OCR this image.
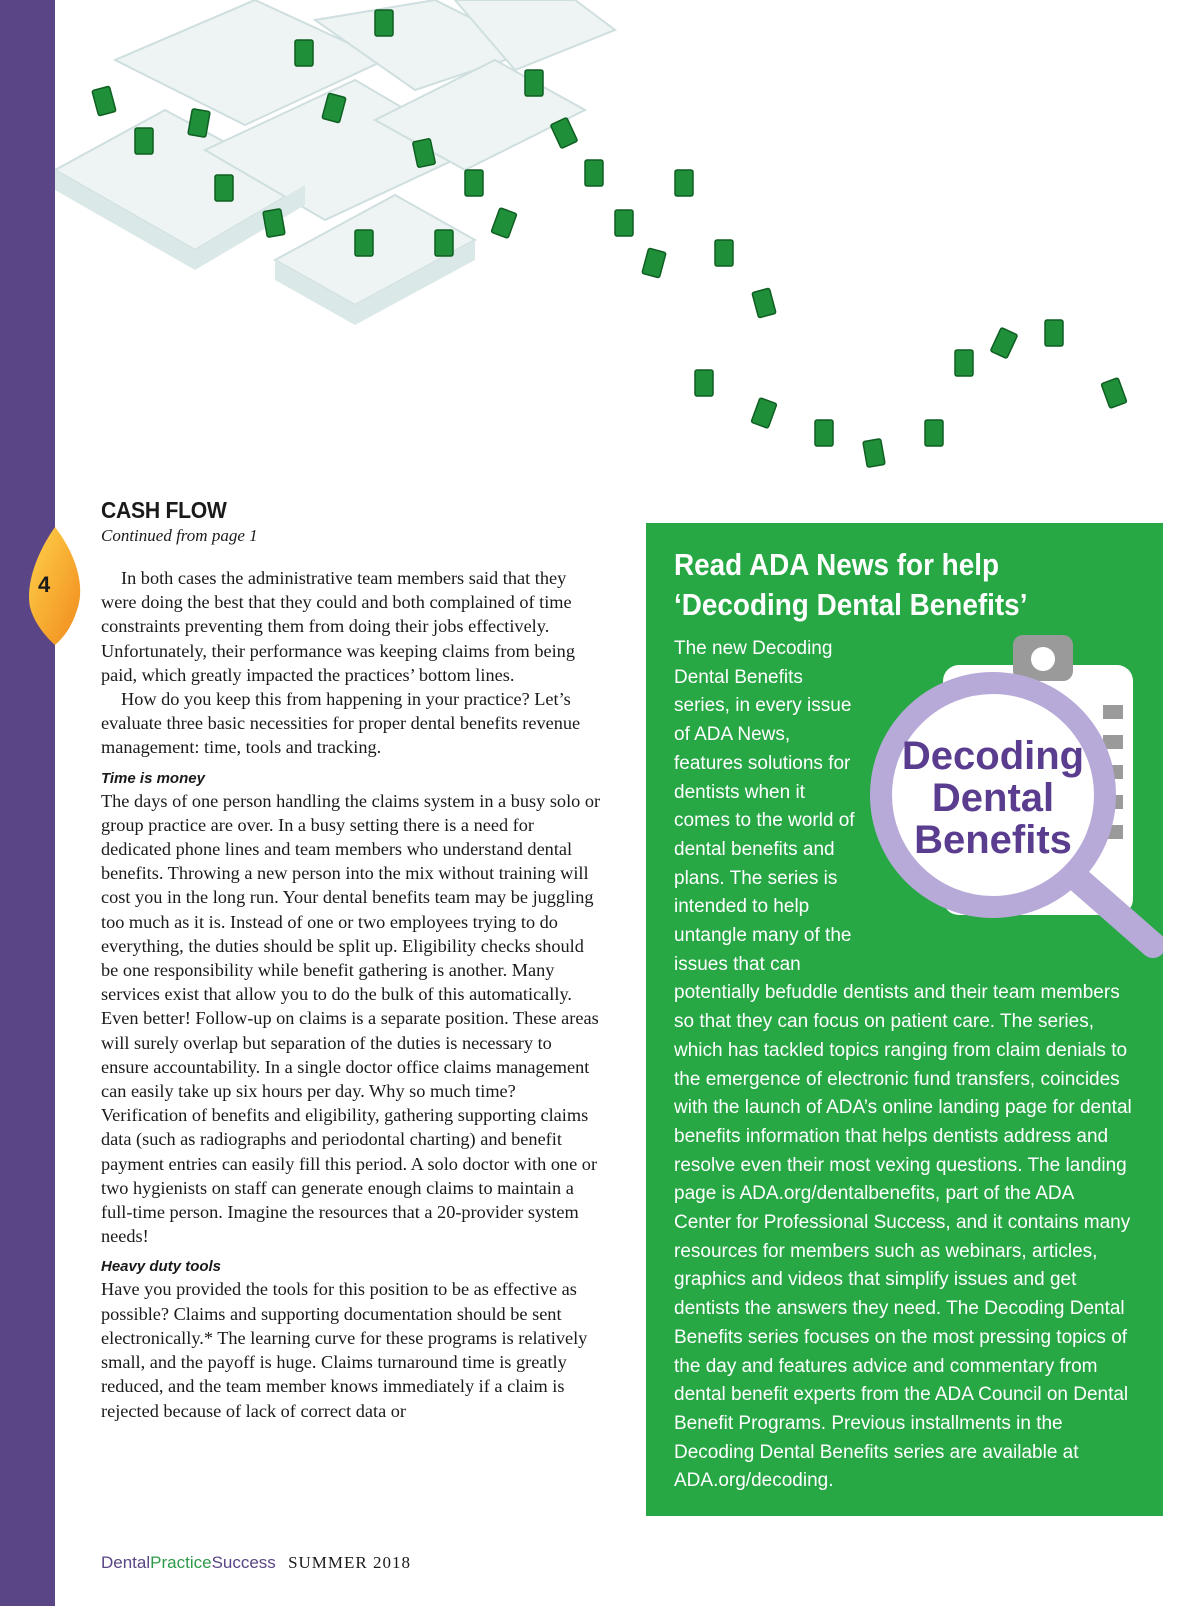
4
CASH FLOW
Continued from page 1

In both cases the administrative team members said that they were doing the best that they could and both complained of time constraints preventing them from doing their jobs effectively. Unfortunately, their performance was keeping claims from being paid, which greatly impacted the practices’ bottom lines.

How do you keep this from happening in your practice? Let’s evaluate three basic necessities for proper dental benefits revenue management: time, tools and tracking.

Time is money

The days of one person handling the claims system in a busy solo or group practice are over. In a busy setting there is a need for dedicated phone lines and team members who understand dental benefits. Throwing a new person into the mix without training will cost you in the long run. Your dental benefits team may be juggling too much as it is. Instead of one or two employees trying to do everything, the duties should be split up. Eligibility checks should be one responsibility while benefit gathering is another. Many services exist that allow you to do the bulk of this automatically. Even better! Follow-up on claims is a separate position. These areas will surely overlap but separation of the duties is necessary to ensure accountability. In a single doctor office claims management can easily take up six hours per day. Why so much time? Verification of benefits and eligibility, gathering supporting claims data (such as radiographs and periodontal charting) and benefit payment entries can easily fill this period. A solo doctor with one or two hygienists on staff can generate enough claims to maintain a full-time person. Imagine the resources that a 20-provider system needs!

Heavy duty tools

Have you provided the tools for this position to be as effective as possible? Claims and supporting documentation should be sent electronically.* The learning curve for these programs is relatively small, and the payoff is huge. Claims turnaround time is greatly reduced, and the team member knows immediately if a claim is rejected because of lack of correct data or

Read ADA News for help ‘Decoding Dental Benefits’
Decoding
Dental
Benefits
The new Decoding Dental Benefits series, in every issue of ADA News, features solutions for dentists when it comes to the world of dental benefits and plans. The series is intended to help untangle many of the issues that can potentially befuddle dentists and their team members so that they can focus on patient care. The series, which has tackled topics ranging from claim denials to the emergence of electronic fund transfers, coincides with the launch of ADA’s online landing page for dental benefits information that helps dentists address and resolve even their most vexing questions. The landing page is ADA.org/dentalbenefits, part of the ADA Center for Professional Success, and it contains many resources for members such as webinars, articles, graphics and videos that simplify issues and get dentists the answers they need. The Decoding Dental Benefits series focuses on the most pressing topics of the day and features advice and commentary from dental benefit experts from the ADA Council on Dental Benefit Programs. Previous installments in the Decoding Dental Benefits series are available at ADA.org/decoding.
DentalPracticeSuccess SUMMER 2018
